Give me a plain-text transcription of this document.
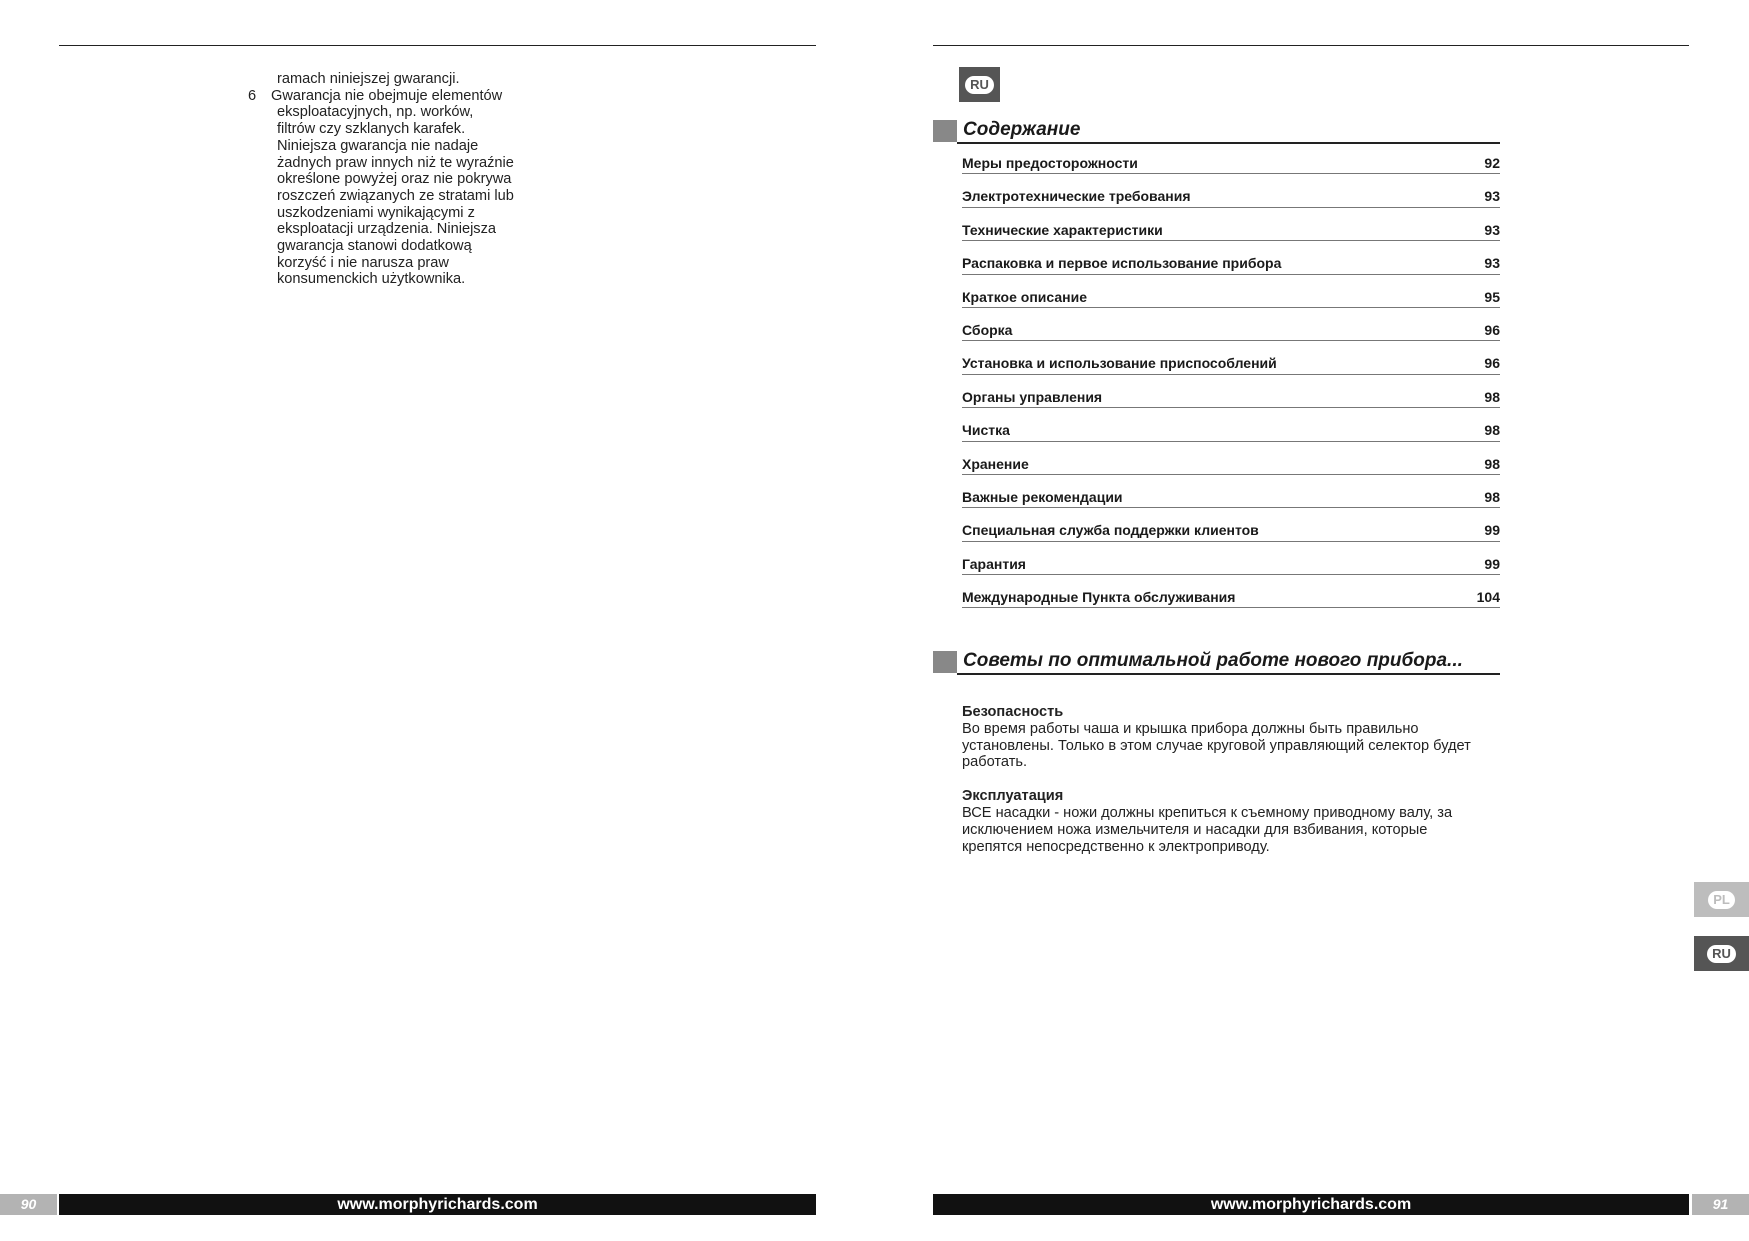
ramach niniejszej gwarancji.
6 Gwarancja nie obejmuje elementów
eksploatacyjnych, np. worków,
filtrów czy szklanych karafek.
Niniejsza gwarancja nie nadaje
żadnych praw innych niż te wyraźnie
określone powyżej oraz nie pokrywa
roszczeń związanych ze stratami lub
uszkodzeniami wynikającymi z
eksploatacji urządzenia. Niniejsza
gwarancja stanowi dodatkową
korzyść i nie narusza praw
konsumenckich użytkownika.
RU
Содержание
Меры предосторожности	92
Электротехнические требования	93
Технические характеристики	93
Распаковка и первое использование прибора	93
Краткое описание	95
Сборка	96
Установка и использование приспособлений	96
Органы управления	98
Чистка	98
Хранение	98
Важные рекомендации	98
Специальная служба поддержки клиентов	99
Гарантия	99
Международные Пункта обслуживания	104
Советы по оптимальной работе нового прибора...
Безопасность
Во время работы чаша и крышка прибора должны быть правильно
установлены. Только в этом случае круговой управляющий селектор будет
работать.
Эксплуатация
ВСЕ насадки - ножи должны крепиться к съемному приводному валу, за
исключением ножа измельчителя и насадки для взбивания, которые
крепятся непосредственно к электроприводу.
PL
RU
90	www.morphyrichards.com	www.morphyrichards.com	91
